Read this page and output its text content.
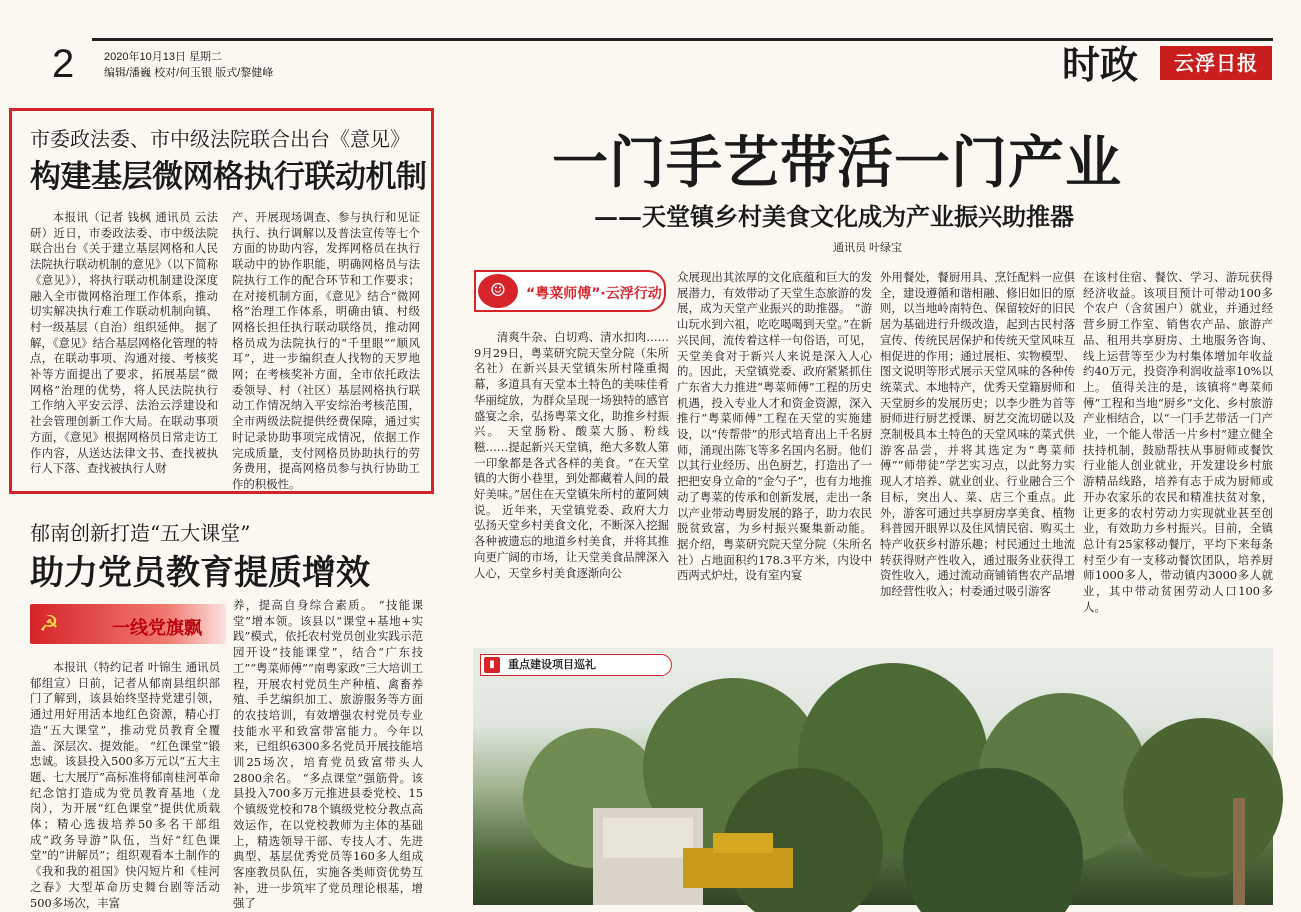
2	2020年10月13日 星期二
编辑/潘巍 校对/何玉银 版式/黎健峰	时政	云浮日报
市委政法委、市中级法院联合出台《意见》
构建基层微网格执行联动机制

本报讯（记者 钱枫 通讯员 云法研）近日，市委政法委、市中级法院联合出台《关于建立基层网格和人民法院执行联动机制的意见》（以下简称《意见》），将执行联动机制建设深度融入全市微网格治理工作体系，推动切实解决执行难工作联动机制向镇、村一级基层（自治）组织延伸。 据了解，《意见》结合基层网格化管理的特点，在联动事项、沟通对接、考核奖补等方面提出了要求，拓展基层“微网格”治理的优势，将人民法院执行工作纳入平安云浮、法治云浮建设和社会管理创新工作大局。在联动事项方面，《意见》根据网格员日常走访工作内容，从送达法律文书、查找被执行人下落、查找被执行人财

产、开展现场调查、参与执行和见证执行、执行调解以及普法宣传等七个方面的协助内容，发挥网格员在执行联动中的协作职能，明确网格员与法院执行工作的配合环节和工作要求；在对接机制方面，《意见》结合“微网格”治理工作体系，明确由镇、村级网格长担任执行联动联络员，推动网格员成为法院执行的“千里眼”“顺风耳”，进一步编织查人找物的天罗地网；在考核奖补方面，全市依托政法委领导、村（社区）基层网格执行联动工作情况纳入平安综治考核范围，全市两级法院提供经费保障，通过实时记录协助事项完成情况，依据工作完成质量，支付网格员协助执行的劳务费用，提高网格员参与执行协助工作的积极性。

郁南创新打造“五大课堂”
助力党员教育提质增效
☭	一线党旗飘

本报讯（特约记者 叶锦生 通讯员 郁组宣）日前，记者从郁南县组织部门了解到，该县始终坚持党建引领，通过用好用活本地红色资源，精心打造“五大课堂”，推动党员教育全覆盖、深层次、提效能。 “红色课堂”锻忠诚。该县投入500多万元以“五大主题、七大展厅”高标准将郁南桂河革命纪念馆打造成为党员教育基地（龙岗），为开展“红色课堂”提供优质载体；精心选拔培养50多名干部组成“政务导游”队伍，当好“红色课堂”的“讲解员”；组织观看本土制作的《我和我的祖国》快闪短片和《桂河之春》大型革命历史舞台剧等活动500多场次，丰富

养，提高自身综合素质。 “技能课堂”增本领。该县以“课堂+基地+实践”模式，依托农村党员创业实践示范园开设“技能课堂”，结合“广东技工”“粤菜师傅”“南粤家政”三大培训工程，开展农村党员生产种植、禽畜养殖、手艺编织加工、旅游服务等方面的农技培训，有效增强农村党员专业技能水平和致富带富能力。今年以来，已组织6300多名党员开展技能培训25场次，培育党员致富带头人2800余名。 “多点课堂”强筋骨。该县投入700多万元推进县委党校、15个镇级党校和78个镇级党校分教点高效运作，在以党校教师为主体的基础上，精选领导干部、专技人才、先进典型、基层优秀党员等160多人组成客座教员队伍，实施各类师资优势互补，进一步筑牢了党员理论根基，增强了

一门手艺带活一门产业
——天堂镇乡村美食文化成为产业振兴助推器
通讯员 叶绿宝
☺	“粤菜师傅”·云浮行动

清爽牛杂、白切鸡、清水扣肉……9月29日，粤菜研究院天堂分院（朱所名社）在新兴县天堂镇朱所村隆重揭幕，多道具有天堂本土特色的美味佳肴华丽绽放，为群众呈现一场独特的感官盛宴之余，弘扬粤菜文化，助推乡村振兴。 天堂肠粉、酸菜大肠、粉线糍……提起新兴天堂镇，绝大多数人第一印象都是各式各样的美食。“在天堂镇的大街小巷里，到处都藏着人间的最好美味。”居住在天堂镇朱所村的董阿姨说。 近年来，天堂镇党委、政府大力弘扬天堂乡村美食文化，不断深入挖掘各种被遗忘的地道乡村美食，并将其推向更广阔的市场，让天堂美食品牌深入人心，天堂乡村美食逐渐向公

众展现出其浓厚的文化底蕴和巨大的发展潜力，有效带动了天堂生态旅游的发展，成为天堂产业振兴的助推器。 “游山玩水到六祖，吃吃喝喝到天堂。”在新兴民间，流传着这样一句俗语，可见，天堂美食对于新兴人来说是深入人心的。因此，天堂镇党委、政府紧紧抓住广东省大力推进“粤菜师傅”工程的历史机遇，投入专业人才和资金资源，深入推行“粤菜师傅”工程在天堂的实施建设，以“传帮带”的形式培育出上千名厨师，涌现出陈飞等多名国内名厨。他们以其行业经历、出色厨艺，打造出了一把把安身立命的“金勺子”，也有力地推动了粤菜的传承和创新发展，走出一条以产业带动粤厨发展的路子，助力农民脱贫致富，为乡村振兴聚集新动能。 据介绍，粤菜研究院天堂分院（朱所名社）占地面积约178.3平方米，内设中西两式炉灶，设有室内宴

外用餐处，餐厨用具、烹饪配料一应俱全，建设遵循和谐相融、修旧如旧的原则，以当地岭南特色、保留较好的旧民居为基础进行升级改造，起到古民村落宣传、传统民居保护和传统天堂风味互相促进的作用；通过展柜、实物模型、图文说明等形式展示天堂风味的各种传统菜式、本地特产，优秀天堂籍厨师和天堂厨乡的发展历史；以李少胜为首等厨师进行厨艺授课、厨艺交流切磋以及烹制极具本土特色的天堂风味的菜式供游客品尝，并将其选定为“粤菜师傅”“师带徒”学艺实习点，以此努力实现人才培养、就业创业、行业融合三个目标，突出人、菜、店三个重点。此外，游客可通过共享厨房享美食、植物科普园开眼界以及住风情民宿、购买土特产收获乡村游乐趣；村民通过土地流转获得财产性收入，通过服务业获得工资性收入，通过流动商铺销售农产品增加经营性收入；村委通过吸引游客

在该村住宿、餐饮、学习、游玩获得经济收益。该项目预计可带动100多个农户（含贫困户）就业，并通过经营乡厨工作室、销售农产品、旅游产品、租用共享厨房、土地服务咨询、线上运营等至少为村集体增加年收益约40万元，投资净利润收益率10%以上。 值得关注的是，该镇将“粤菜师傅”工程和当地“厨乡”文化、乡村旅游产业相结合，以“一门手艺带活一门产业，一个能人带活一片乡村”建立健全扶持机制，鼓励帮扶从事厨师或餐饮行业能人创业就业，开发建设乡村旅游精品线路，培养有志于成为厨师或开办农家乐的农民和精准扶贫对象，让更多的农村劳动力实现就业甚至创业，有效助力乡村振兴。目前，全镇总计有25家移动餐厅，平均下来每条村至少有一支移动餐饮团队，培养厨师1000多人，带动镇内3000多人就业，其中带动贫困劳动人口100多人。

▮	重点建设项目巡礼
